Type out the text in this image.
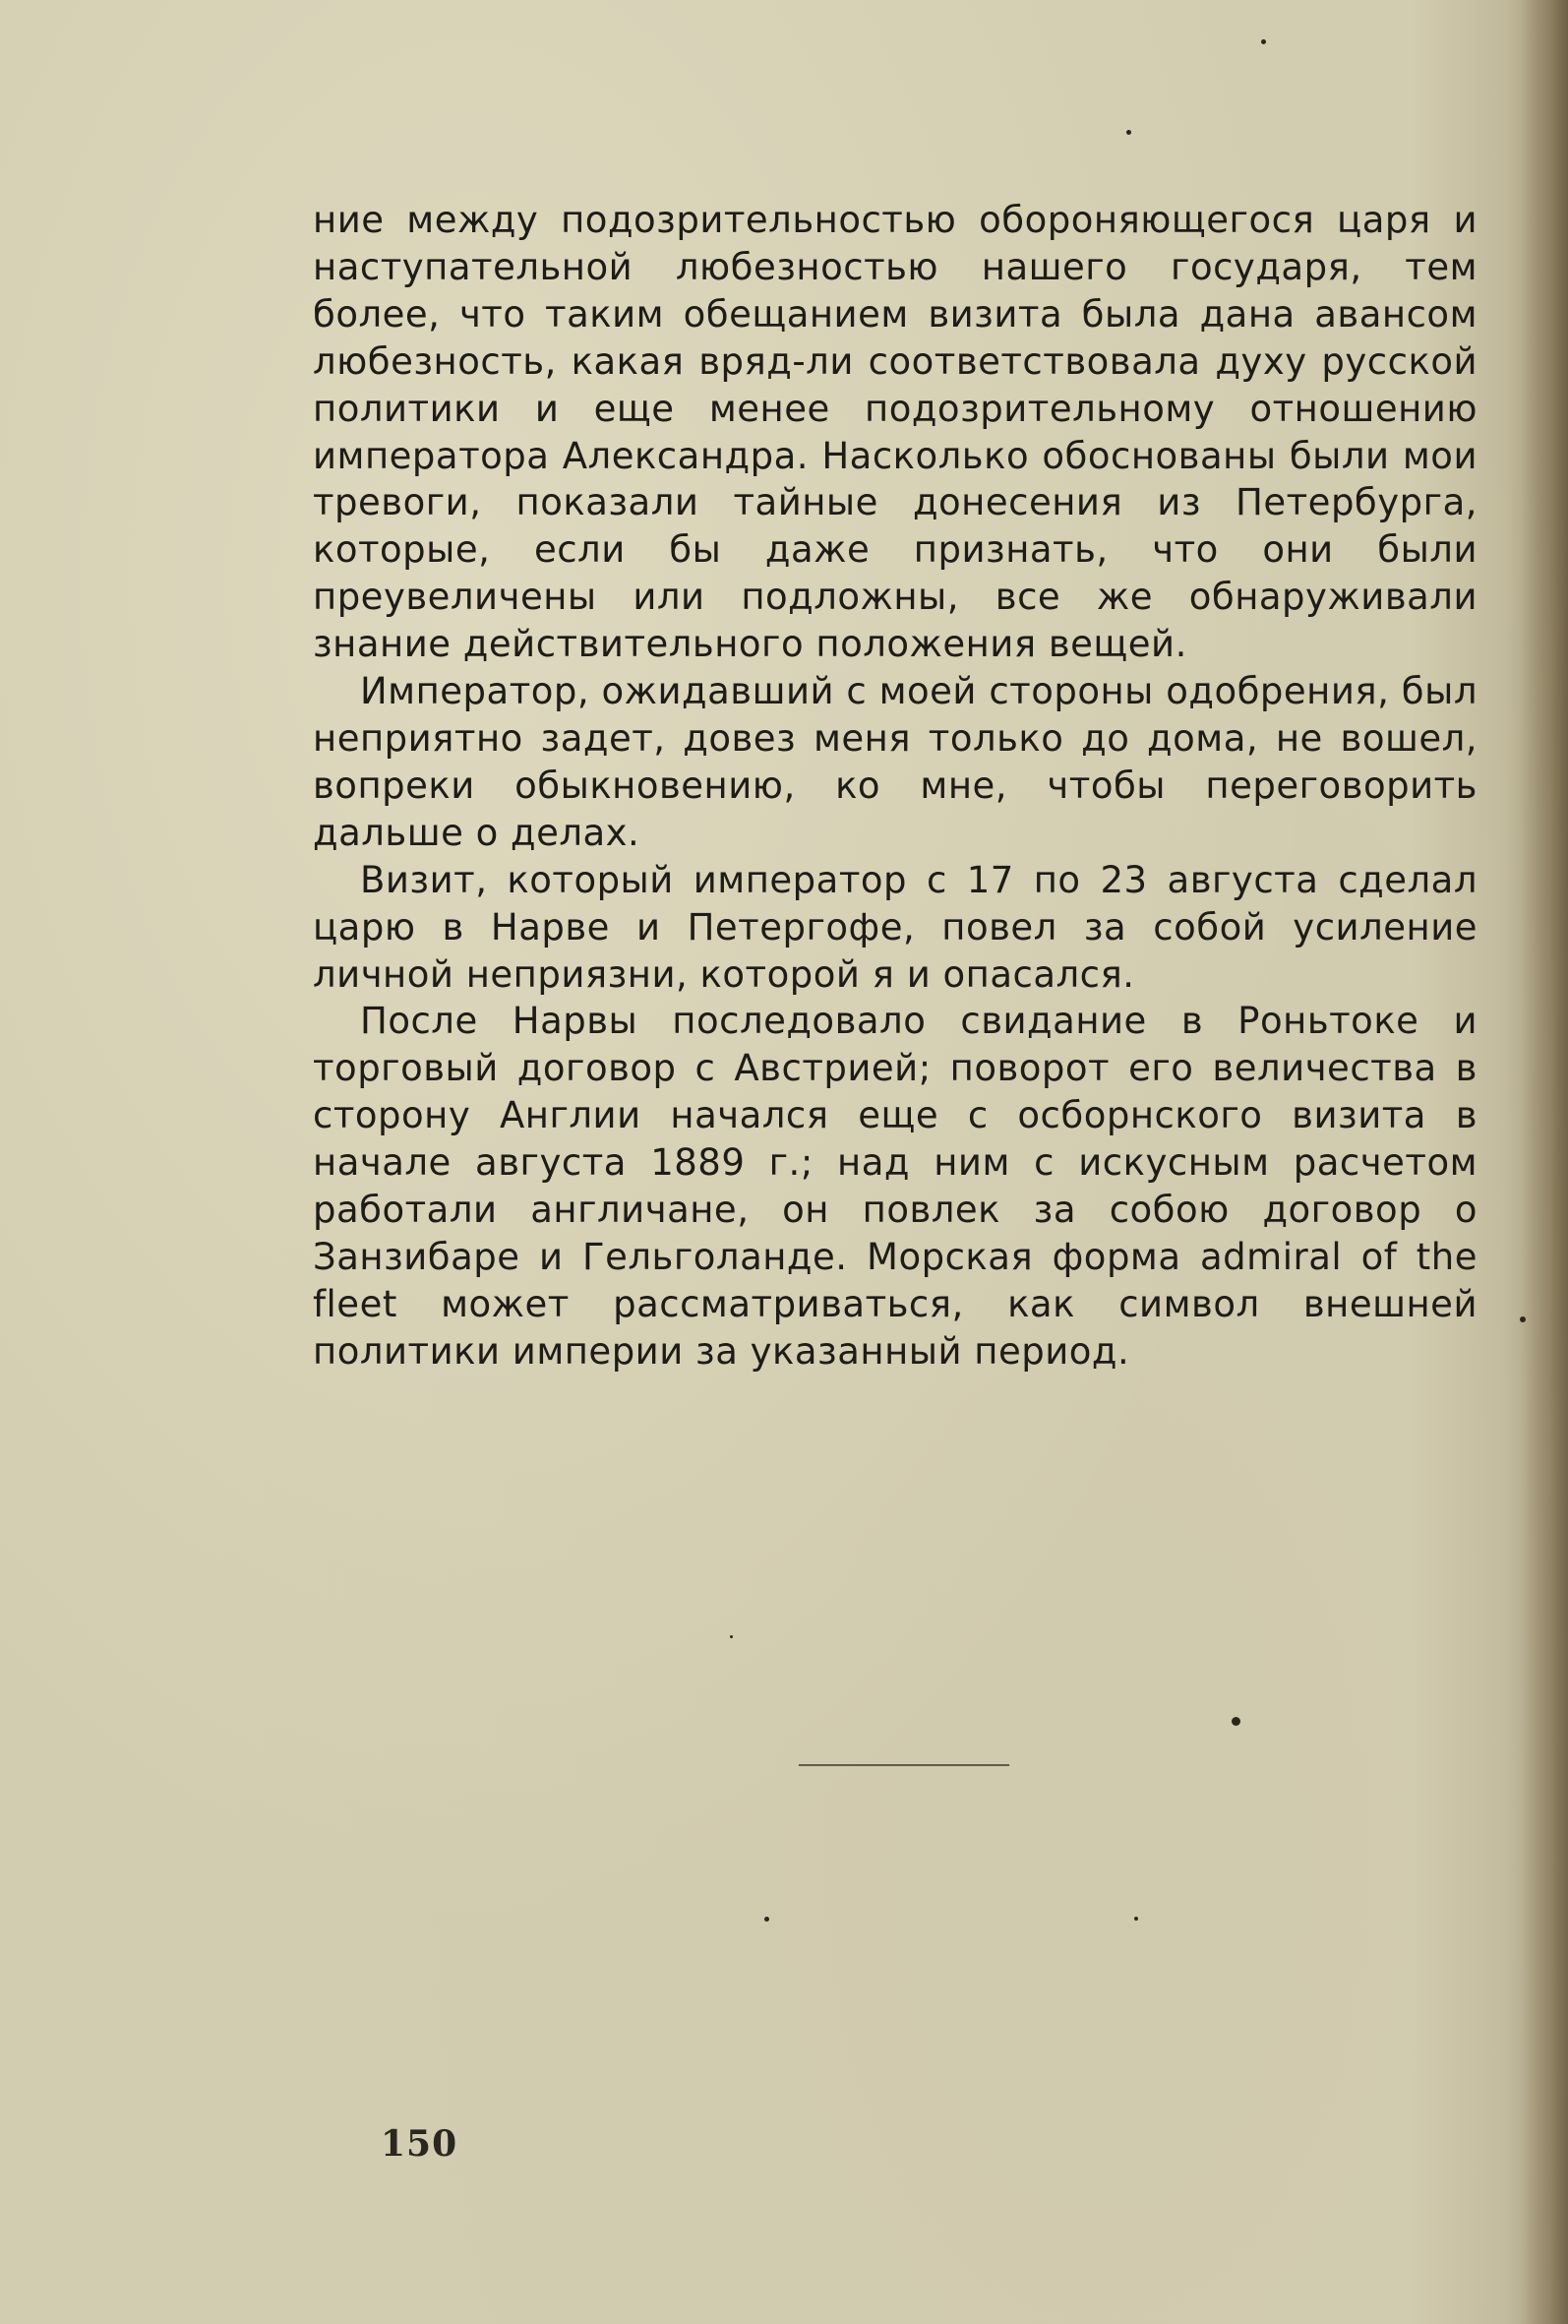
ние между подозрительностью обороняющегося царя и наступательной любезностью нашего государя, тем более, что таким обещанием визита была дана авансом любезность, какая вряд-ли соответствовала духу русской политики и еще менее подозрительному отношению императора Александра. Насколько обоснованы были мои тревоги, показали тайные донесения из Петербурга, которые, если бы даже признать, что они были преувеличены или подложны, все же обнаруживали знание действительного положения вещей.

Император, ожидавший с моей стороны одобрения, был неприятно задет, довез меня только до дома, не вошел, вопреки обыкновению, ко мне, чтобы переговорить дальше о делах.

Визит, который император с 17 по 23 августа сделал царю в Нарве и Петергофе, повел за собой усиление личной неприязни, которой я и опасался.

После Нарвы последовало свидание в Роньтоке и торговый договор с Австрией; поворот его величества в сторону Англии начался еще с осборнского визита в начале августа 1889 г.; над ним с искусным расчетом работали англичане, он повлек за собою договор о Занзибаре и Гельголанде. Морская форма admiral of the fleet может рассматриваться, как символ внешней политики империи за указанный период.

150
